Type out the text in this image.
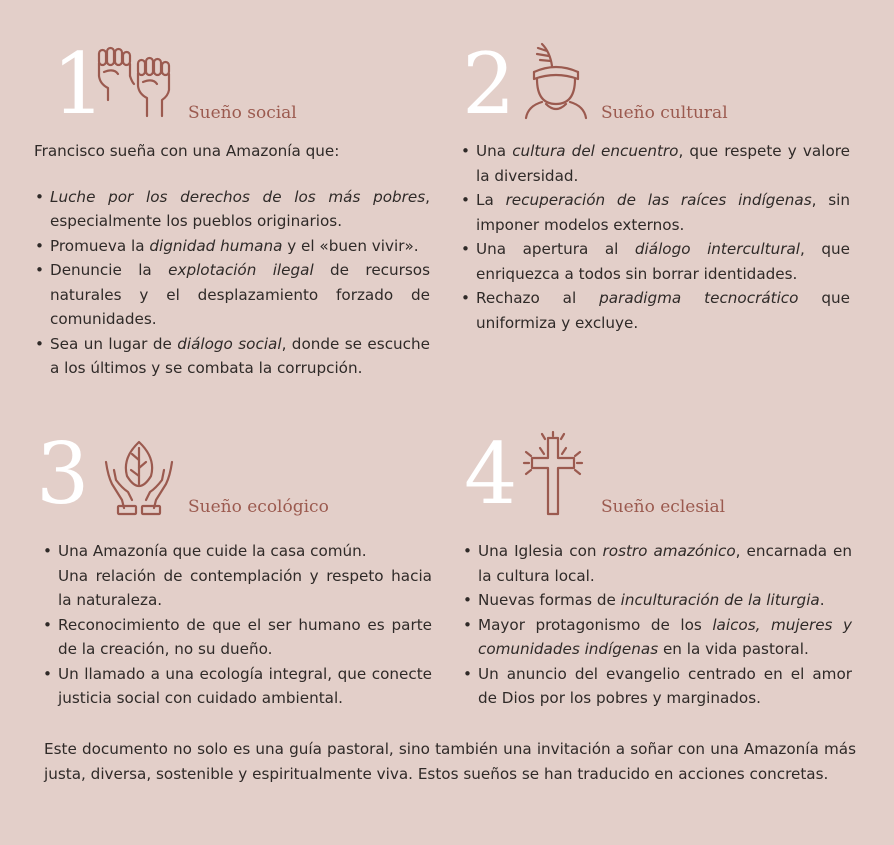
1	Sueño social

Francisco sueña con una Amazonía que:

• Luche por los derechos de los más pobres, especialmente los pueblos originarios.
• Promueva la dignidad humana y el «buen vivir».
• Denuncie la explotación ilegal de recursos naturales y el desplazamiento forzado de comunidades.
• Sea un lugar de diálogo social, donde se escuche a los últimos y se combata la corrupción.
2	Sueño cultural
• Una cultura del encuentro, que respete y valore la diversidad.
• La recuperación de las raíces indígenas, sin imponer modelos externos.
• Una apertura al diálogo intercultural, que enriquezca a todos sin borrar identidades.
• Rechazo al paradigma tecnocrático que uniformiza y excluye.
3	Sueño ecológico
• Una Amazonía que cuide la casa común.
Una relación de contemplación y respeto hacia la naturaleza.
• Reconocimiento de que el ser humano es parte de la creación, no su dueño.
• Un llamado a una ecología integral, que conecte justicia social con cuidado ambiental.
4	Sueño eclesial
• Una Iglesia con rostro amazónico, encarnada en la cultura local.
• Nuevas formas de inculturación de la liturgia.
• Mayor protagonismo de los laicos, mujeres y comunidades indígenas en la vida pastoral.
• Un anuncio del evangelio centrado en el amor de Dios por los pobres y marginados.

Este documento no solo es una guía pastoral, sino también una invitación a soñar con una Amazonía más justa, diversa, sostenible y espiritualmente viva. Estos sueños se han traducido en acciones concretas.
